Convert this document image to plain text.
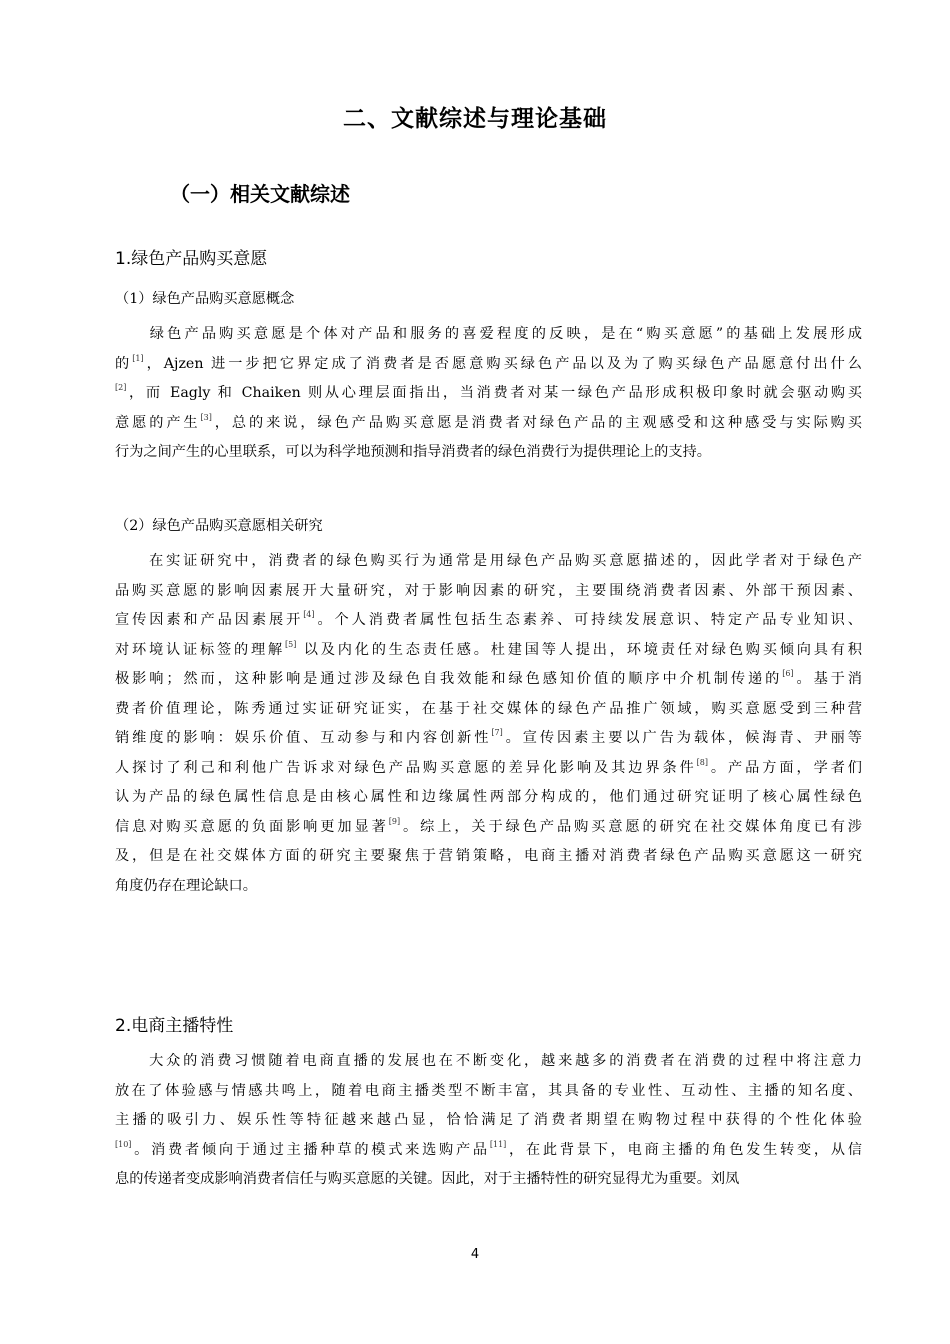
二、文献综述与理论基础
（一）相关文献综述
1.绿色产品购买意愿
（1）绿色产品购买意愿概念
　　绿色产品购买意愿是个体对产品和服务的喜爱程度的反映，是在“购买意愿”的基础上发展形成
的[1]，Ajzen 进一步把它界定成了消费者是否愿意购买绿色产品以及为了购买绿色产品愿意付出什么
[2]，而 Eagly 和 Chaiken 则从心理层面指出，当消费者对某一绿色产品形成积极印象时就会驱动购买
意愿的产生[3]，总的来说，绿色产品购买意愿是消费者对绿色产品的主观感受和这种感受与实际购买
行为之间产生的心里联系，可以为科学地预测和指导消费者的绿色消费行为提供理论上的支持。
（2）绿色产品购买意愿相关研究
　　在实证研究中，消费者的绿色购买行为通常是用绿色产品购买意愿描述的，因此学者对于绿色产
品购买意愿的影响因素展开大量研究，对于影响因素的研究，主要围绕消费者因素、外部干预因素、
宣传因素和产品因素展开[4]。个人消费者属性包括生态素养、可持续发展意识、特定产品专业知识、
对环境认证标签的理解[5] 以及内化的生态责任感。杜建国等人提出，环境责任对绿色购买倾向具有积
极影响；然而，这种影响是通过涉及绿色自我效能和绿色感知价值的顺序中介机制传递的[6]。基于消
费者价值理论，陈秀通过实证研究证实，在基于社交媒体的绿色产品推广领域，购买意愿受到三种营
销维度的影响：娱乐价值、互动参与和内容创新性[7]。宣传因素主要以广告为载体，候海青、尹丽等
人探讨了利己和利他广告诉求对绿色产品购买意愿的差异化影响及其边界条件[8]。产品方面，学者们
认为产品的绿色属性信息是由核心属性和边缘属性两部分构成的，他们通过研究证明了核心属性绿色
信息对购买意愿的负面影响更加显著[9]。综上，关于绿色产品购买意愿的研究在社交媒体角度已有涉
及，但是在社交媒体方面的研究主要聚焦于营销策略，电商主播对消费者绿色产品购买意愿这一研究
角度仍存在理论缺口。
2.电商主播特性
　　大众的消费习惯随着电商直播的发展也在不断变化，越来越多的消费者在消费的过程中将注意力
放在了体验感与情感共鸣上，随着电商主播类型不断丰富，其具备的专业性、互动性、主播的知名度、
主播的吸引力、娱乐性等特征越来越凸显，恰恰满足了消费者期望在购物过程中获得的个性化体验
[10]。消费者倾向于通过主播种草的模式来选购产品[11]，在此背景下，电商主播的角色发生转变，从信
息的传递者变成影响消费者信任与购买意愿的关键。因此，对于主播特性的研究显得尤为重要。刘凤
4
